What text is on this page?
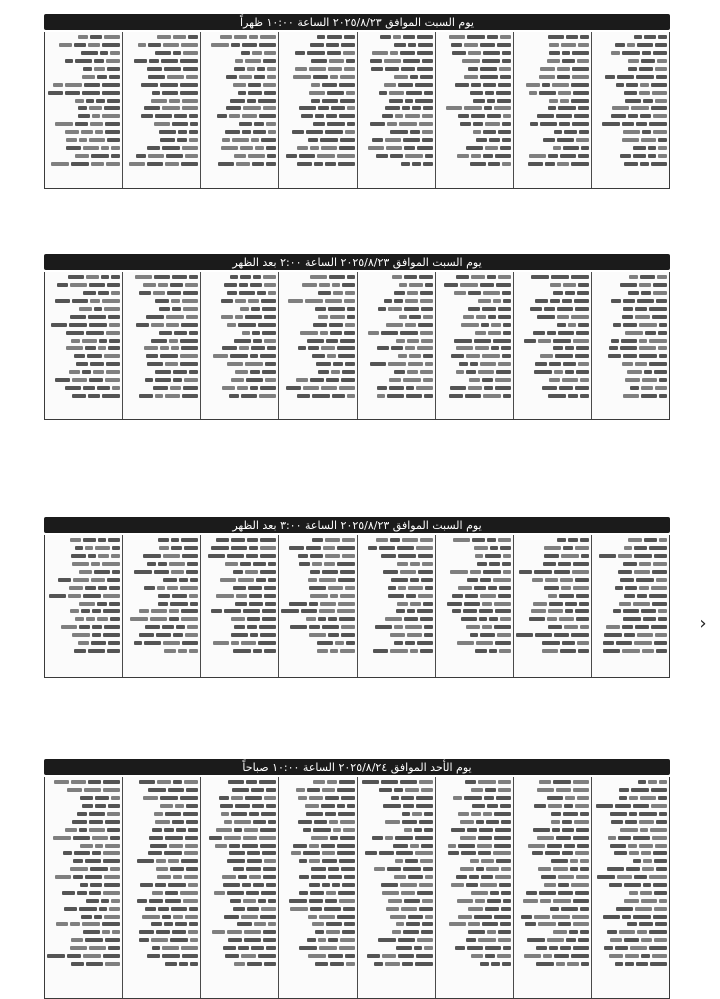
يوم السبت الموافق ٢٠٢٥/٨/٢٣ الساعة ١٠:٠٠ ظهراً
يوم السبت الموافق ٢٠٢٥/٨/٢٣ الساعة ٢:٠٠ بعد الظهر
يوم السبت الموافق ٢٠٢٥/٨/٢٣ الساعة ٣:٠٠ بعد الظهر
يوم الأحد الموافق ٢٠٢٥/٨/٢٤ الساعة ١٠:٠٠ صباحاً
›
